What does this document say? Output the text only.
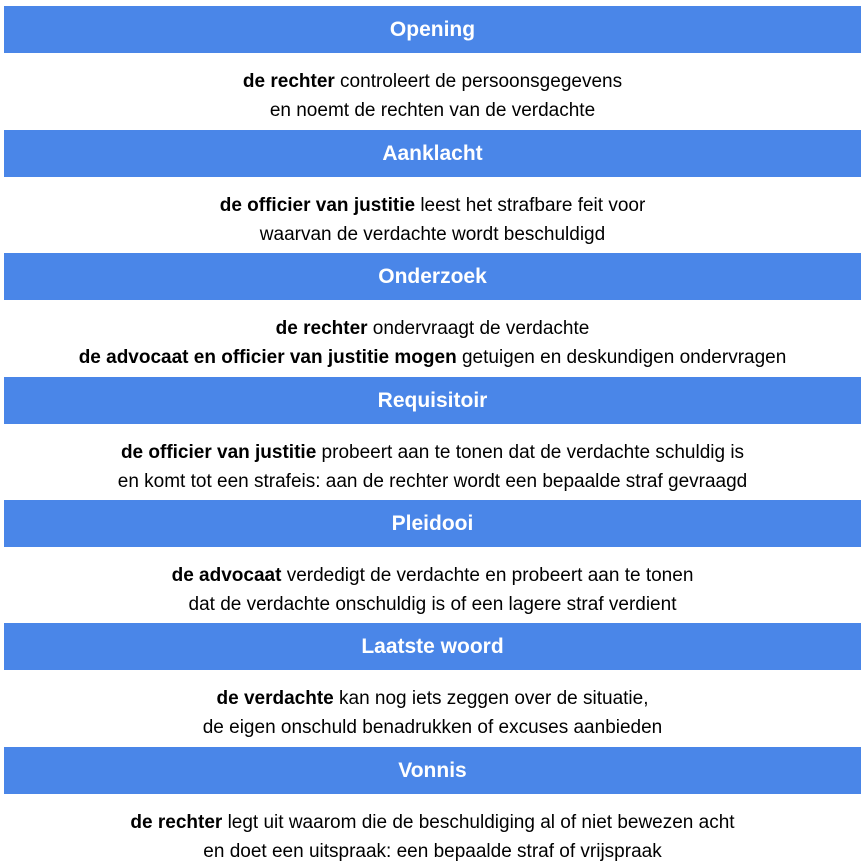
Opening
de rechter controleert de persoonsgegevens
en noemt de rechten van de verdachte
Aanklacht
de officier van justitie leest het strafbare feit voor
waarvan de verdachte wordt beschuldigd
Onderzoek
de rechter ondervraagt de verdachte
de advocaat en officier van justitie mogen getuigen en deskundigen ondervragen
Requisitoir
de officier van justitie probeert aan te tonen dat de verdachte schuldig is
en komt tot een strafeis: aan de rechter wordt een bepaalde straf gevraagd
Pleidooi
de advocaat verdedigt de verdachte en probeert aan te tonen
dat de verdachte onschuldig is of een lagere straf verdient
Laatste woord
de verdachte kan nog iets zeggen over de situatie,
de eigen onschuld benadrukken of excuses aanbieden
Vonnis
de rechter legt uit waarom die de beschuldiging al of niet bewezen acht
en doet een uitspraak: een bepaalde straf of vrijspraak
